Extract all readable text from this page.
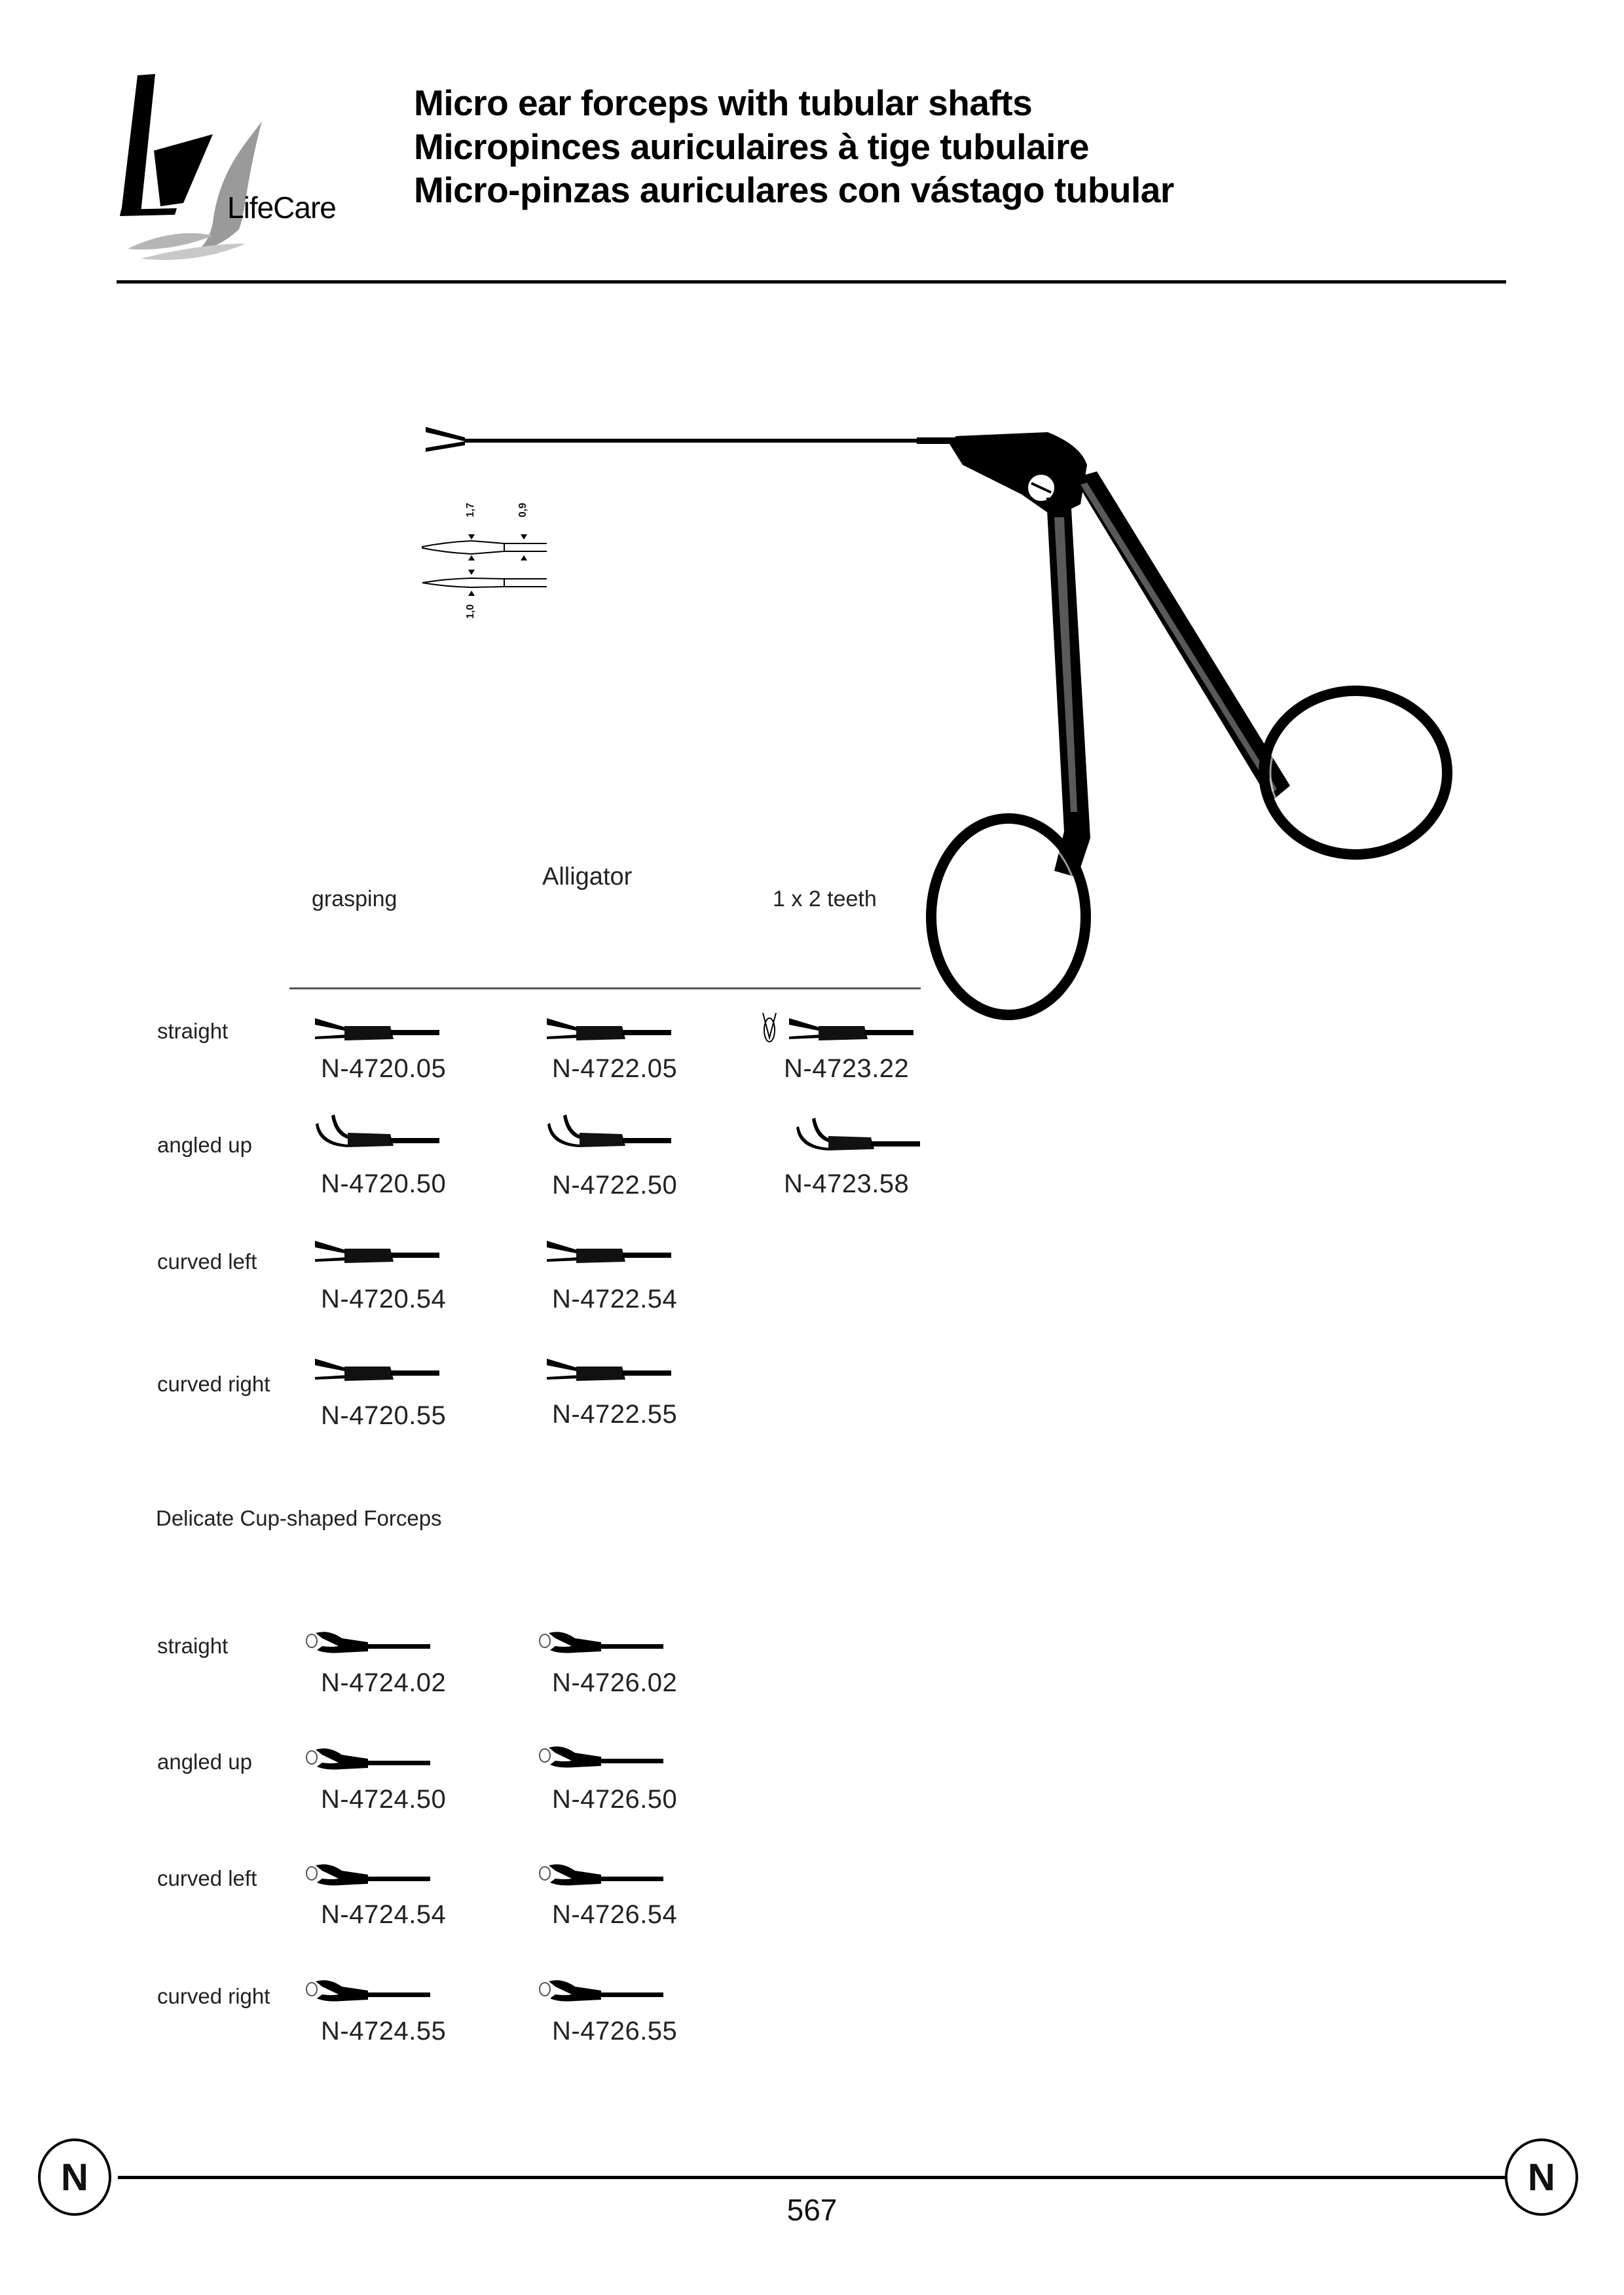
LifeCare
Micro ear forceps with tubular shafts
Micropinces auriculaires à tige tubulaire
Micro-pinzas auriculares con vástago tubular
1,7	0,9
1,0
Alligator
grasping	1 x 2 teeth
straight
N-4720.05	N-4722.05	N-4723.22
angled up
N-4720.50	N-4722.50	N-4723.58
curved left
N-4720.54	N-4722.54
curved right
N-4720.55	N-4722.55
Delicate Cup-shaped Forceps
straight
N-4724.02	N-4726.02
angled up
N-4724.50	N-4726.50
curved left
N-4724.54	N-4726.54
curved right
N-4724.55	N-4726.55
N	N
567
